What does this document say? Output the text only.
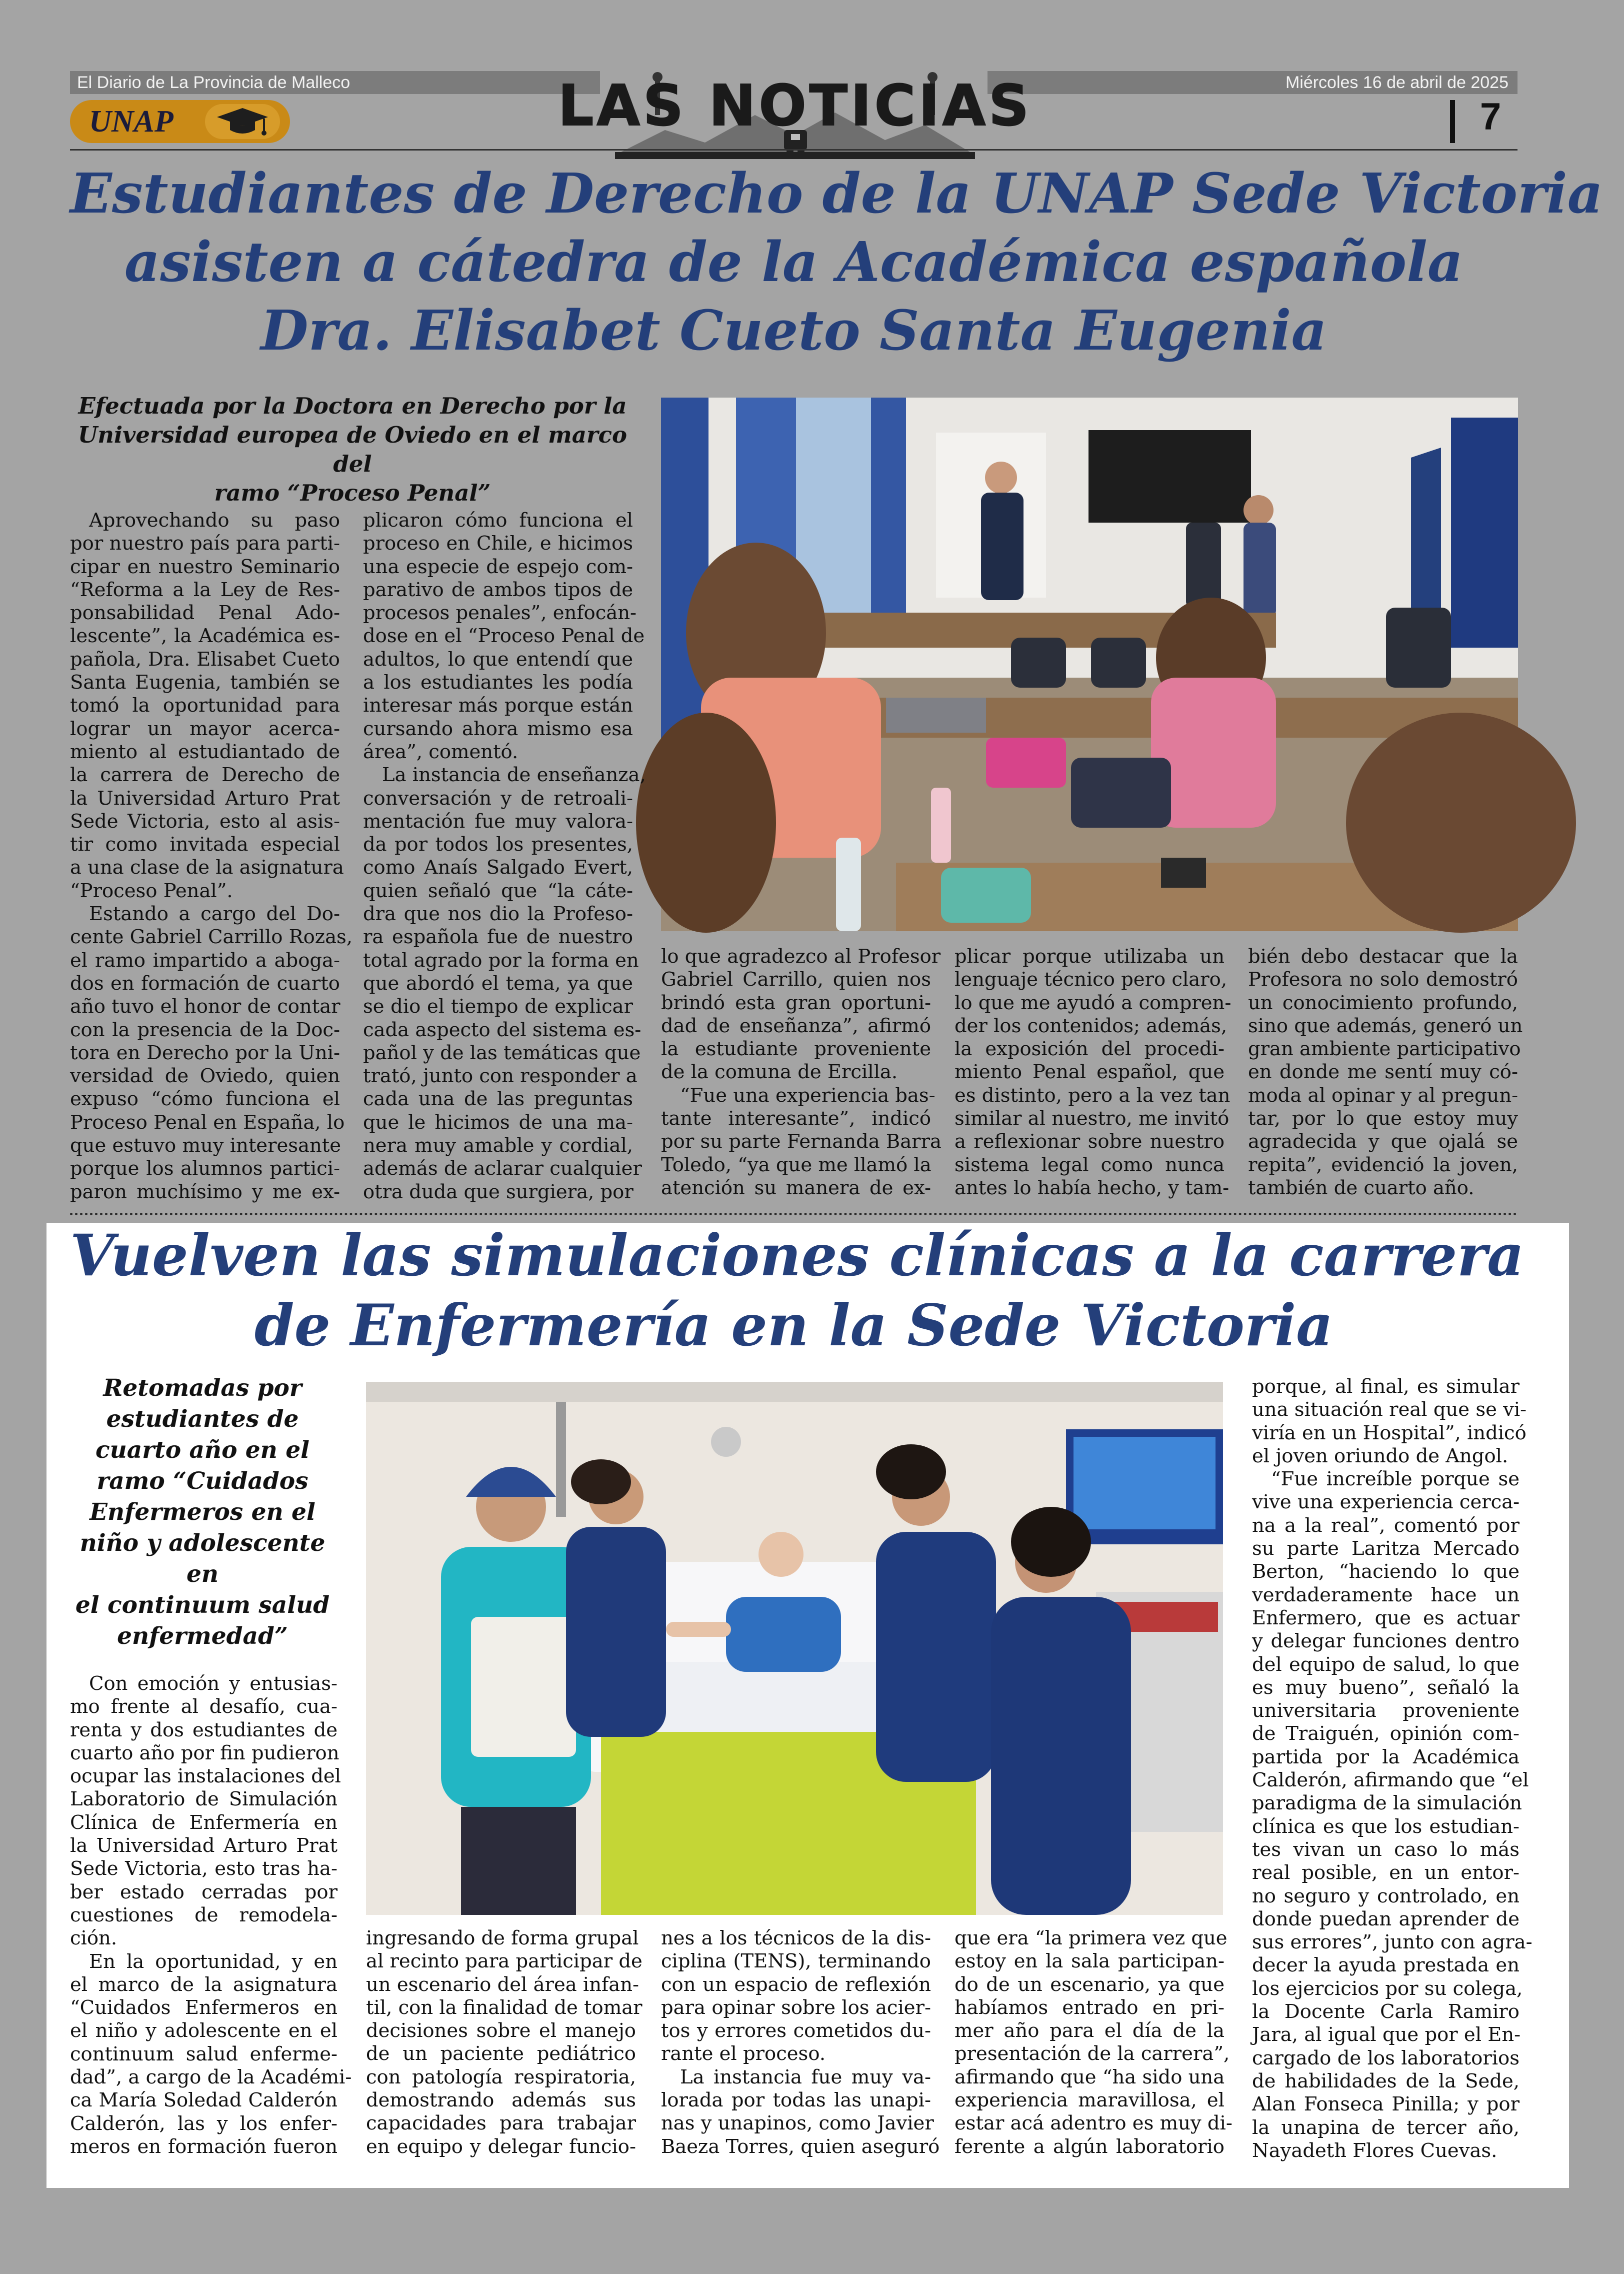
El Diario de La Provincia de Malleco	Miércoles 16 de abril de 2025
UNAP	LAS NOTICIAS	7
Estudiantes de Derecho de la UNAP Sede Victoria
asisten a cátedra de la Académica española
Dra. Elisabet Cueto Santa Eugenia
Efectuada por la Doctora en Derecho por la
Universidad europea de Oviedo en el marco del
ramo “Proceso Penal”
Aprovechando su paso
por nuestro país para parti-
cipar en nuestro Seminario
“Reforma a la Ley de Res-
ponsabilidad Penal Ado-
lescente”, la Académica es-
pañola, Dra. Elisabet Cueto
Santa Eugenia, también se
tomó la oportunidad para
lograr un mayor acerca-
miento al estudiantado de
la carrera de Derecho de
la Universidad Arturo Prat
Sede Victoria, esto al asis-
tir como invitada especial
a una clase de la asignatura
“Proceso Penal”.
Estando a cargo del Do-
cente Gabriel Carrillo Rozas,
el ramo impartido a aboga-
dos en formación de cuarto
año tuvo el honor de contar
con la presencia de la Doc-
tora en Derecho por la Uni-
versidad de Oviedo, quien
expuso “cómo funciona el
Proceso Penal en España, lo
que estuvo muy interesante
porque los alumnos partici-
paron muchísimo y me ex-
plicaron cómo funciona el
proceso en Chile, e hicimos
una especie de espejo com-
parativo de ambos tipos de
procesos penales”, enfocán-
dose en el “Proceso Penal de
adultos, lo que entendí que
a los estudiantes les podía
interesar más porque están
cursando ahora mismo esa
área”, comentó.
La instancia de enseñanza,
conversación y de retroali-
mentación fue muy valora-
da por todos los presentes,
como Anaís Salgado Evert,
quien señaló que “la cáte-
dra que nos dio la Profeso-
ra española fue de nuestro
total agrado por la forma en
que abordó el tema, ya que
se dio el tiempo de explicar
cada aspecto del sistema es-
pañol y de las temáticas que
trató, junto con responder a
cada una de las preguntas
que le hicimos de una ma-
nera muy amable y cordial,
además de aclarar cualquier
otra duda que surgiera, por
lo que agradezco al Profesor
Gabriel Carrillo, quien nos
brindó esta gran oportuni-
dad de enseñanza”, afirmó
la estudiante proveniente
de la comuna de Ercilla.
“Fue una experiencia bas-
tante interesante”, indicó
por su parte Fernanda Barra
Toledo, “ya que me llamó la
atención su manera de ex-
plicar porque utilizaba un
lenguaje técnico pero claro,
lo que me ayudó a compren-
der los contenidos; además,
la exposición del procedi-
miento Penal español, que
es distinto, pero a la vez tan
similar al nuestro, me invitó
a reflexionar sobre nuestro
sistema legal como nunca
antes lo había hecho, y tam-
bién debo destacar que la
Profesora no solo demostró
un conocimiento profundo,
sino que además, generó un
gran ambiente participativo
en donde me sentí muy có-
moda al opinar y al pregun-
tar, por lo que estoy muy
agradecida y que ojalá se
repita”, evidenció la joven,
también de cuarto año.
Vuelven las simulaciones clínicas a la carrera
de Enfermería en la Sede Victoria
Retomadas por
estudiantes de
cuarto año en el
ramo “Cuidados
Enfermeros en el
niño y adolescente en
el continuum salud
enfermedad”
Con emoción y entusias-
mo frente al desafío, cua-
renta y dos estudiantes de
cuarto año por fin pudieron
ocupar las instalaciones del
Laboratorio de Simulación
Clínica de Enfermería en
la Universidad Arturo Prat
Sede Victoria, esto tras ha-
ber estado cerradas por
cuestiones de remodela-
ción.
En la oportunidad, y en
el marco de la asignatura
“Cuidados Enfermeros en
el niño y adolescente en el
continuum salud enferme-
dad”, a cargo de la Académi-
ca María Soledad Calderón
Calderón, las y los enfer-
meros en formación fueron
ingresando de forma grupal
al recinto para participar de
un escenario del área infan-
til, con la finalidad de tomar
decisiones sobre el manejo
de un paciente pediátrico
con patología respiratoria,
demostrando además sus
capacidades para trabajar
en equipo y delegar funcio-
nes a los técnicos de la dis-
ciplina (TENS), terminando
con un espacio de reflexión
para opinar sobre los acier-
tos y errores cometidos du-
rante el proceso.
La instancia fue muy va-
lorada por todas las unapi-
nas y unapinos, como Javier
Baeza Torres, quien aseguró
que era “la primera vez que
estoy en la sala participan-
do de un escenario, ya que
habíamos entrado en pri-
mer año para el día de la
presentación de la carrera”,
afirmando que “ha sido una
experiencia maravillosa, el
estar acá adentro es muy di-
ferente a algún laboratorio
porque, al final, es simular
una situación real que se vi-
viría en un Hospital”, indicó
el joven oriundo de Angol.
“Fue increíble porque se
vive una experiencia cerca-
na a la real”, comentó por
su parte Laritza Mercado
Berton, “haciendo lo que
verdaderamente hace un
Enfermero, que es actuar
y delegar funciones dentro
del equipo de salud, lo que
es muy bueno”, señaló la
universitaria proveniente
de Traiguén, opinión com-
partida por la Académica
Calderón, afirmando que “el
paradigma de la simulación
clínica es que los estudian-
tes vivan un caso lo más
real posible, en un entor-
no seguro y controlado, en
donde puedan aprender de
sus errores”, junto con agra-
decer la ayuda prestada en
los ejercicios por su colega,
la Docente Carla Ramiro
Jara, al igual que por el En-
cargado de los laboratorios
de habilidades de la Sede,
Alan Fonseca Pinilla; y por
la unapina de tercer año,
Nayadeth Flores Cuevas.
